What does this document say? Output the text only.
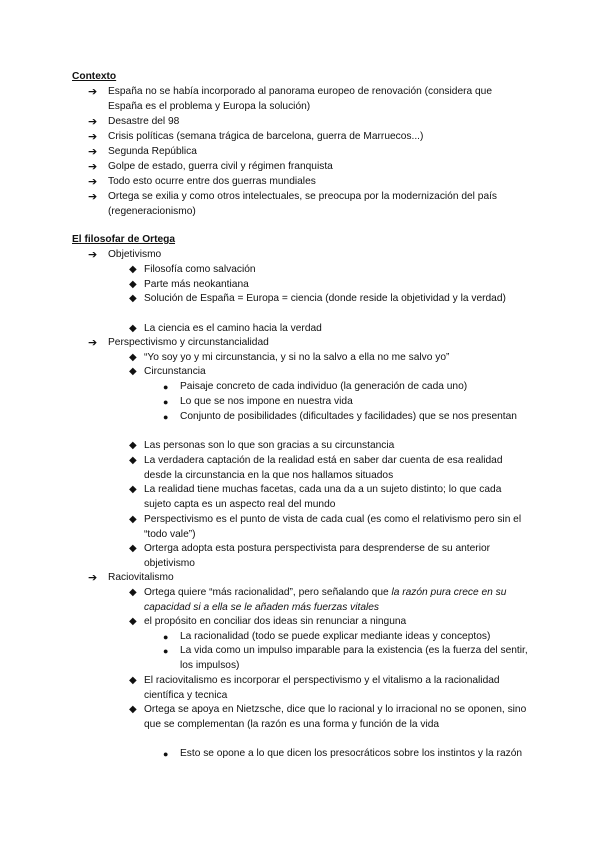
Contexto
➔	España no se había incorporado al panorama europeo de renovación (considera que España es el problema y Europa la solución)
➔	Desastre del 98
➔	Crisis políticas (semana trágica de barcelona, guerra de Marruecos...)
➔	Segunda República
➔	Golpe de estado, guerra civil y régimen franquista
➔	Todo esto ocurre entre dos guerras mundiales
➔	Ortega se exilia y como otros intelectuales, se preocupa por la modernización del país (regeneracionismo)
El filosofar de Ortega
➔	Objetivismo
◆ Filosofía como salvación
◆ Parte más neokantiana
◆ Solución de España = Europa = ciencia (donde reside la objetividad y la verdad)
◆ La ciencia es el camino hacia la verdad
➔	Perspectivismo y circunstancialidad
◆ “Yo soy yo y mi circunstancia, y si no la salvo a ella no me salvo yo”
◆ Circunstancia
●	Paisaje concreto de cada individuo (la generación de cada uno)
●	Lo que se nos impone en nuestra vida
●	Conjunto de posibilidades (dificultades y facilidades) que se nos presentan
◆ Las personas son lo que son gracias a su circunstancia
◆ La verdadera captación de la realidad está en saber dar cuenta de esa realidad desde la circunstancia en la que nos hallamos situados
◆ La realidad tiene muchas facetas, cada una da a un sujeto distinto; lo que cada sujeto capta es un aspecto real del mundo
◆ Perspectivismo es el punto de vista de cada cual (es como el relativismo pero sin el “todo vale”)
◆ Orterga adopta esta postura perspectivista para desprenderse de su anterior objetivismo
➔	Raciovitalismo
◆ Ortega quiere “más racionalidad”, pero señalando que la razón pura crece en su capacidad si a ella se le añaden más fuerzas vitales
◆ el propósito en conciliar dos ideas sin renunciar a ninguna
●	La racionalidad (todo se puede explicar mediante ideas y conceptos)
●	La vida como un impulso imparable para la existencia (es la fuerza del sentir, los impulsos)
◆ El raciovitalismo es incorporar el perspectivismo y el vitalismo a la racionalidad científica y tecnica
◆ Ortega se apoya en Nietzsche, dice que lo racional y lo irracional no se oponen, sino que se complementan (la razón es una forma y función de la vida
●	Esto se opone a lo que dicen los presocráticos sobre los instintos y la razón
